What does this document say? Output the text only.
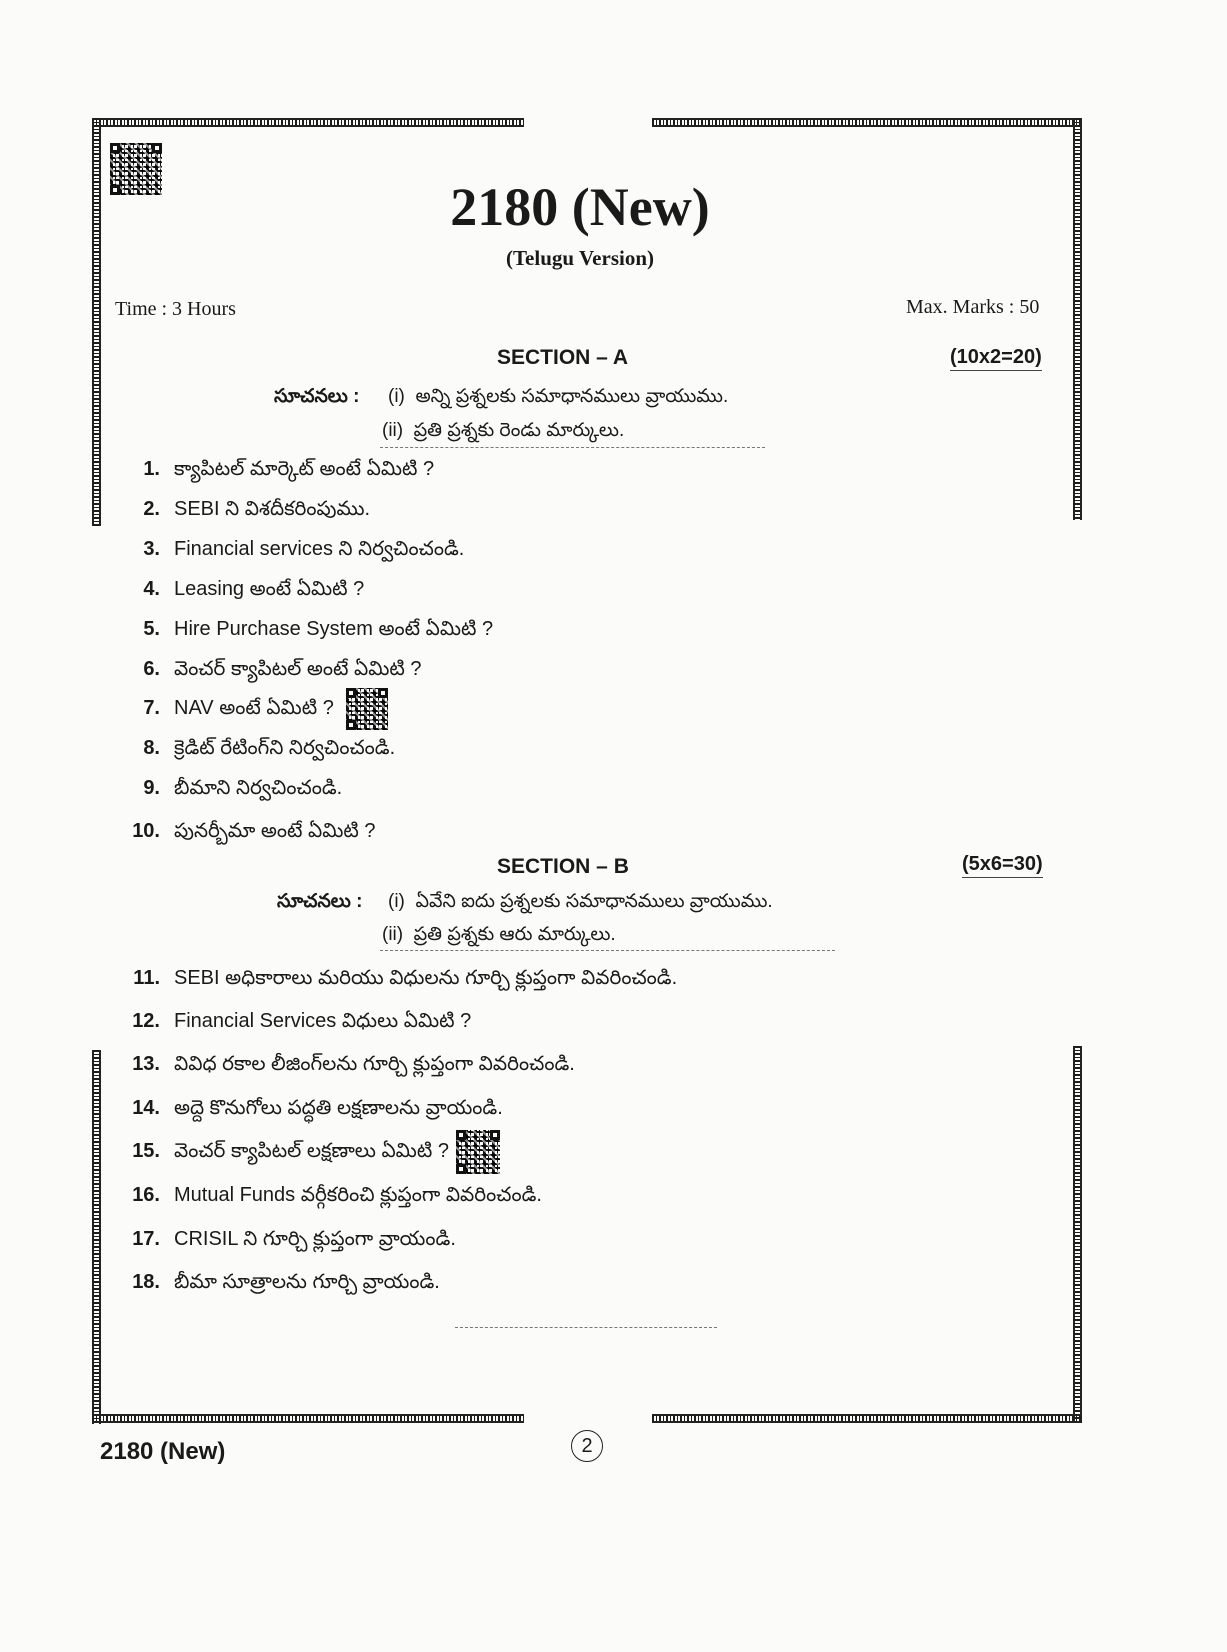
2180 (New)
(Telugu Version)
Time : 3 Hours	Max. Marks : 50
SECTION – A	(10x2=20)
సూచనలు : (i) అన్ని ప్రశ్నలకు సమాధానములు వ్రాయుము.
(ii) ప్రతి ప్రశ్నకు రెండు మార్కులు.
1. క్యాపిటల్ మార్కెట్ అంటే ఏమిటి ?
2. SEBI ని విశదీకరింపుము.
3. Financial services ని నిర్వచించండి.
4. Leasing అంటే ఏమిటి ?
5. Hire Purchase System అంటే ఏమిటి ?
6. వెంచర్ క్యాపిటల్ అంటే ఏమిటి ?
7. NAV అంటే ఏమిటి ?
8. క్రెడిట్ రేటింగ్‌ని నిర్వచించండి.
9. బీమాని నిర్వచించండి.
10. పునర్బీమా అంటే ఏమిటి ?
SECTION – B	(5x6=30)
సూచనలు : (i) ఏవేని ఐదు ప్రశ్నలకు సమాధానములు వ్రాయుము.
(ii) ప్రతి ప్రశ్నకు ఆరు మార్కులు.
11. SEBI అధికారాలు మరియు విధులను గూర్చి క్లుప్తంగా వివరించండి.
12. Financial Services విధులు ఏమిటి ?
13. వివిధ రకాల లీజింగ్‌లను గూర్చి క్లుప్తంగా వివరించండి.
14. అద్దె కొనుగోలు పద్ధతి లక్షణాలను వ్రాయండి.
15. వెంచర్ క్యాపిటల్ లక్షణాలు ఏమిటి ?
16. Mutual Funds వర్గీకరించి క్లుప్తంగా వివరించండి.
17. CRISIL ని గూర్చి క్లుప్తంగా వ్రాయండి.
18. బీమా సూత్రాలను గూర్చి వ్రాయండి.
2180 (New)	2
